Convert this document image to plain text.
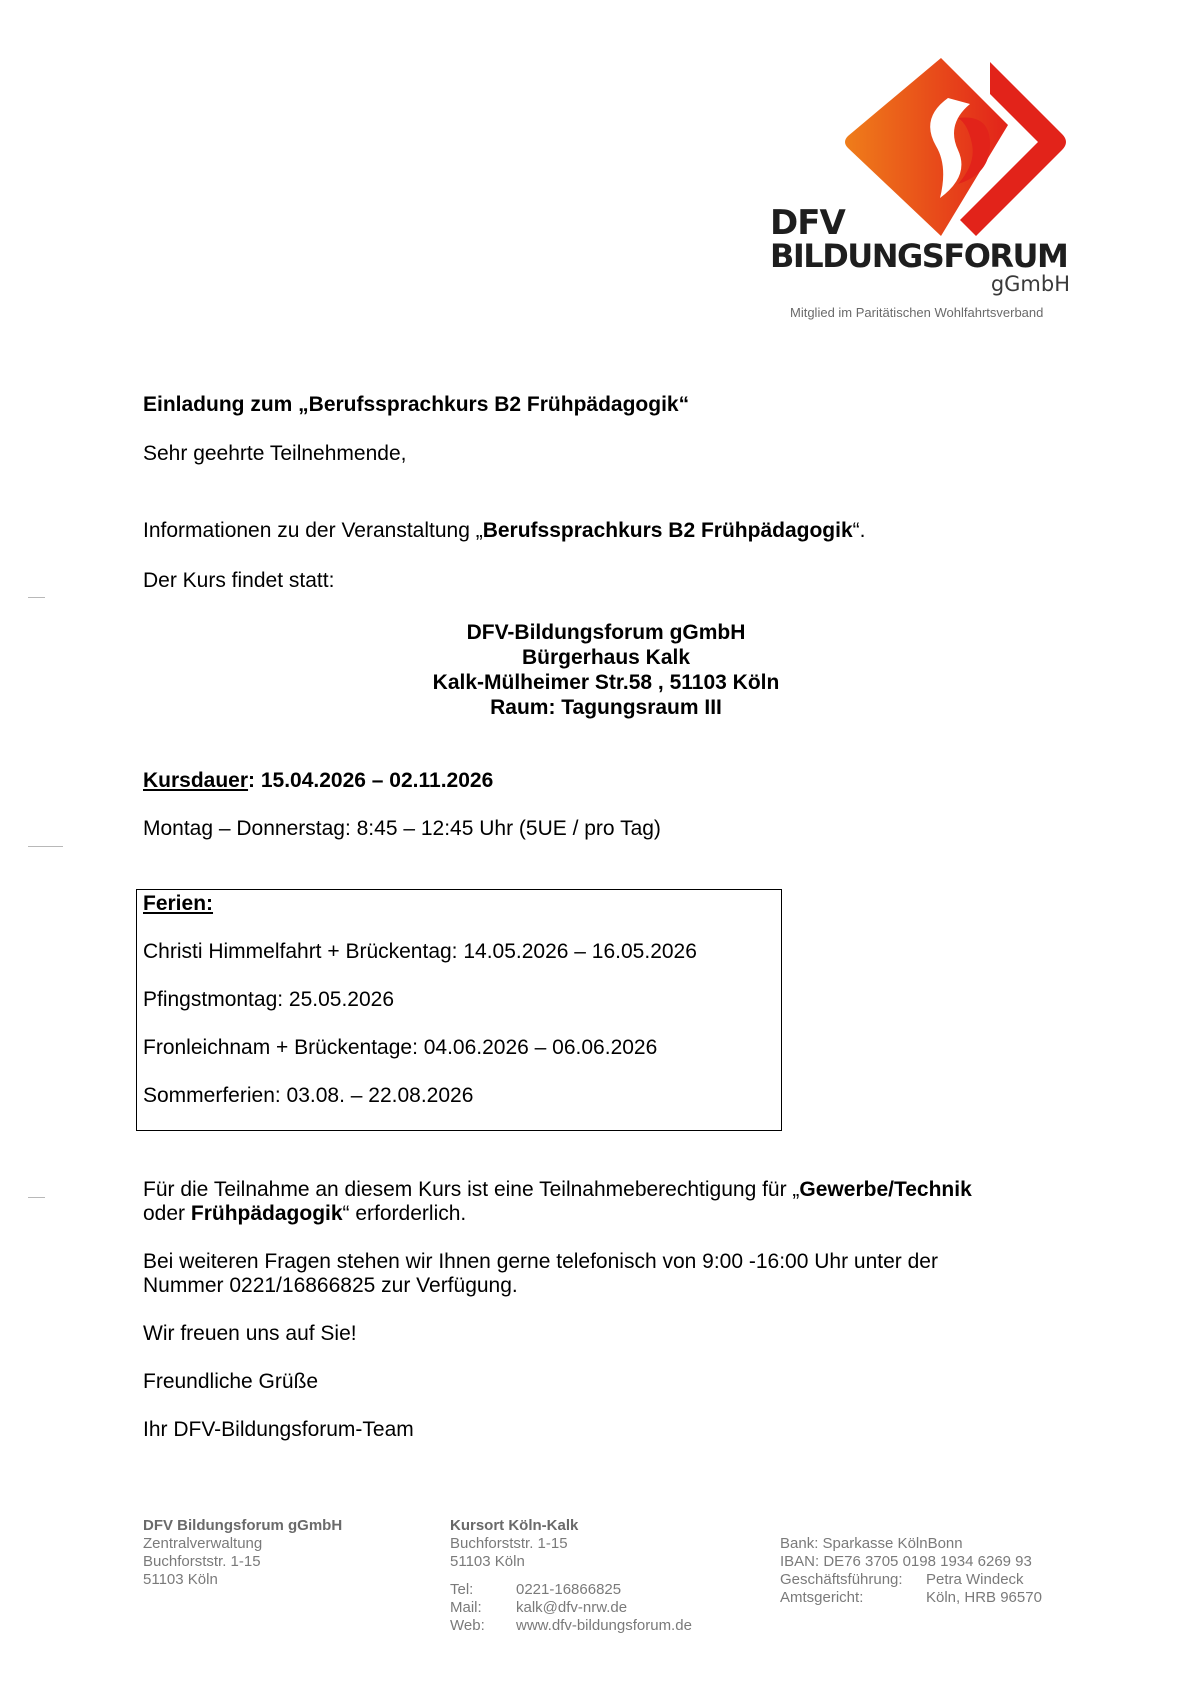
DFV
BILDUNGSFORUM
gGmbH
Mitglied im Paritätischen Wohlfahrtsverband
Einladung zum „Berufssprachkurs B2 Frühpädagogik“
Sehr geehrte Teilnehmende,
Informationen zu der Veranstaltung „Berufssprachkurs B2 Frühpädagogik“.
Der Kurs findet statt:
DFV-Bildungsforum gGmbH
Bürgerhaus Kalk
Kalk-Mülheimer Str.58 , 51103 Köln
Raum: Tagungsraum III
Kursdauer: 15.04.2026 – 02.11.2026
Montag – Donnerstag: 8:45 – 12:45 Uhr (5UE / pro Tag)
Ferien:
Christi Himmelfahrt + Brückentag: 14.05.2026 – 16.05.2026
Pfingstmontag: 25.05.2026
Fronleichnam + Brückentage: 04.06.2026 – 06.06.2026
Sommerferien: 03.08. – 22.08.2026
Für die Teilnahme an diesem Kurs ist eine Teilnahmeberechtigung für „Gewerbe/Technik
oder Frühpädagogik“ erforderlich.
Bei weiteren Fragen stehen wir Ihnen gerne telefonisch von 9:00 -16:00 Uhr unter der
Nummer 0221/16866825 zur Verfügung.
Wir freuen uns auf Sie!
Freundliche Grüße
Ihr DFV-Bildungsforum-Team
DFV Bildungsforum gGmbH
Zentralverwaltung
Buchforststr. 1-15
51103 Köln
Kursort Köln-Kalk
Buchforststr. 1-15
51103 Köln
Tel:	0221-16866825
Mail:	kalk@dfv-nrw.de
Web:	www.dfv-bildungsforum.de
Bank: Sparkasse KölnBonn
IBAN: DE76 3705 0198 1934 6269 93
Geschäftsführung: Petra Windeck
Amtsgericht:	Köln, HRB 96570
